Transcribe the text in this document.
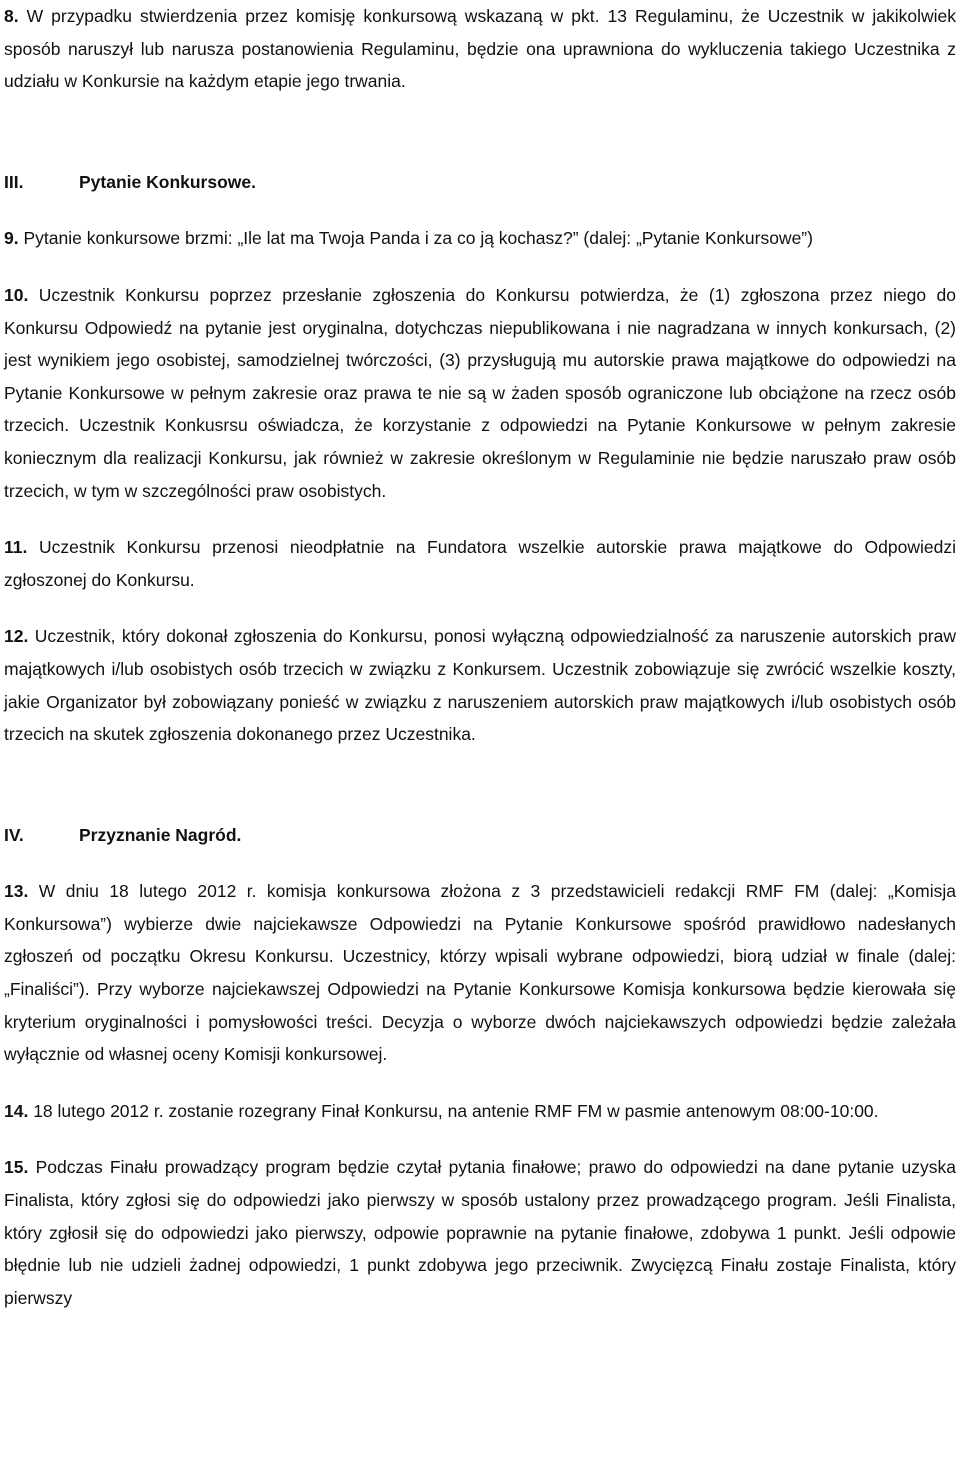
8. W przypadku stwierdzenia przez komisję konkursową wskazaną w pkt. 13 Regulaminu, że Uczestnik w jakikolwiek sposób naruszył lub narusza postanowienia Regulaminu, będzie ona uprawniona do wykluczenia takiego Uczestnika z udziału w Konkursie na każdym etapie jego trwania.

III.	Pytanie Konkursowe.

9. Pytanie konkursowe brzmi: „Ile lat ma Twoja Panda i za co ją kochasz?” (dalej: „Pytanie Konkursowe”)

10. Uczestnik Konkursu poprzez przesłanie zgłoszenia do Konkursu potwierdza, że (1) zgłoszona przez niego do Konkursu Odpowiedź na pytanie jest oryginalna, dotychczas niepublikowana i nie nagradzana w innych konkursach, (2) jest wynikiem jego osobistej, samodzielnej twórczości, (3) przysługują mu autorskie prawa majątkowe do odpowiedzi na Pytanie Konkursowe w pełnym zakresie oraz prawa te nie są w żaden sposób ograniczone lub obciążone na rzecz osób trzecich. Uczestnik Konkusrsu oświadcza, że korzystanie z odpowiedzi na Pytanie Konkursowe w pełnym zakresie koniecznym dla realizacji Konkursu, jak również w zakresie określonym w Regulaminie nie będzie naruszało praw osób trzecich, w tym w szczególności praw osobistych.

11. Uczestnik Konkursu przenosi nieodpłatnie na Fundatora wszelkie autorskie prawa majątkowe do Odpowiedzi zgłoszonej do Konkursu.

12. Uczestnik, który dokonał zgłoszenia do Konkursu, ponosi wyłączną odpowiedzialność za naruszenie autorskich praw majątkowych i/lub osobistych osób trzecich w związku z Konkursem. Uczestnik zobowiązuje się zwrócić wszelkie koszty, jakie Organizator był zobowiązany ponieść w związku z naruszeniem autorskich praw majątkowych i/lub osobistych osób trzecich na skutek zgłoszenia dokonanego przez Uczestnika.

IV.	Przyznanie Nagród.

13. W dniu 18 lutego 2012 r. komisja konkursowa złożona z 3 przedstawicieli redakcji RMF FM (dalej: „Komisja Konkursowa”) wybierze dwie najciekawsze Odpowiedzi na Pytanie Konkursowe spośród prawidłowo nadesłanych zgłoszeń od początku Okresu Konkursu. Uczestnicy, którzy wpisali wybrane odpowiedzi, biorą udział w finale (dalej: „Finaliści”). Przy wyborze najciekawszej Odpowiedzi na Pytanie Konkursowe Komisja konkursowa będzie kierowała się kryterium oryginalności i pomysłowości treści. Decyzja o wyborze dwóch najciekawszych odpowiedzi będzie zależała wyłącznie od własnej oceny Komisji konkursowej.

14. 18 lutego 2012 r. zostanie rozegrany Finał Konkursu, na antenie RMF FM w pasmie antenowym 08:00-10:00.

15. Podczas Finału prowadzący program będzie czytał pytania finałowe; prawo do odpowiedzi na dane pytanie uzyska Finalista, który zgłosi się do odpowiedzi jako pierwszy w sposób ustalony przez prowadzącego program. Jeśli Finalista, który zgłosił się do odpowiedzi jako pierwszy, odpowie poprawnie na pytanie finałowe, zdobywa 1 punkt. Jeśli odpowie błędnie lub nie udzieli żadnej odpowiedzi, 1 punkt zdobywa jego przeciwnik. Zwycięzcą Finału zostaje Finalista, który pierwszy
